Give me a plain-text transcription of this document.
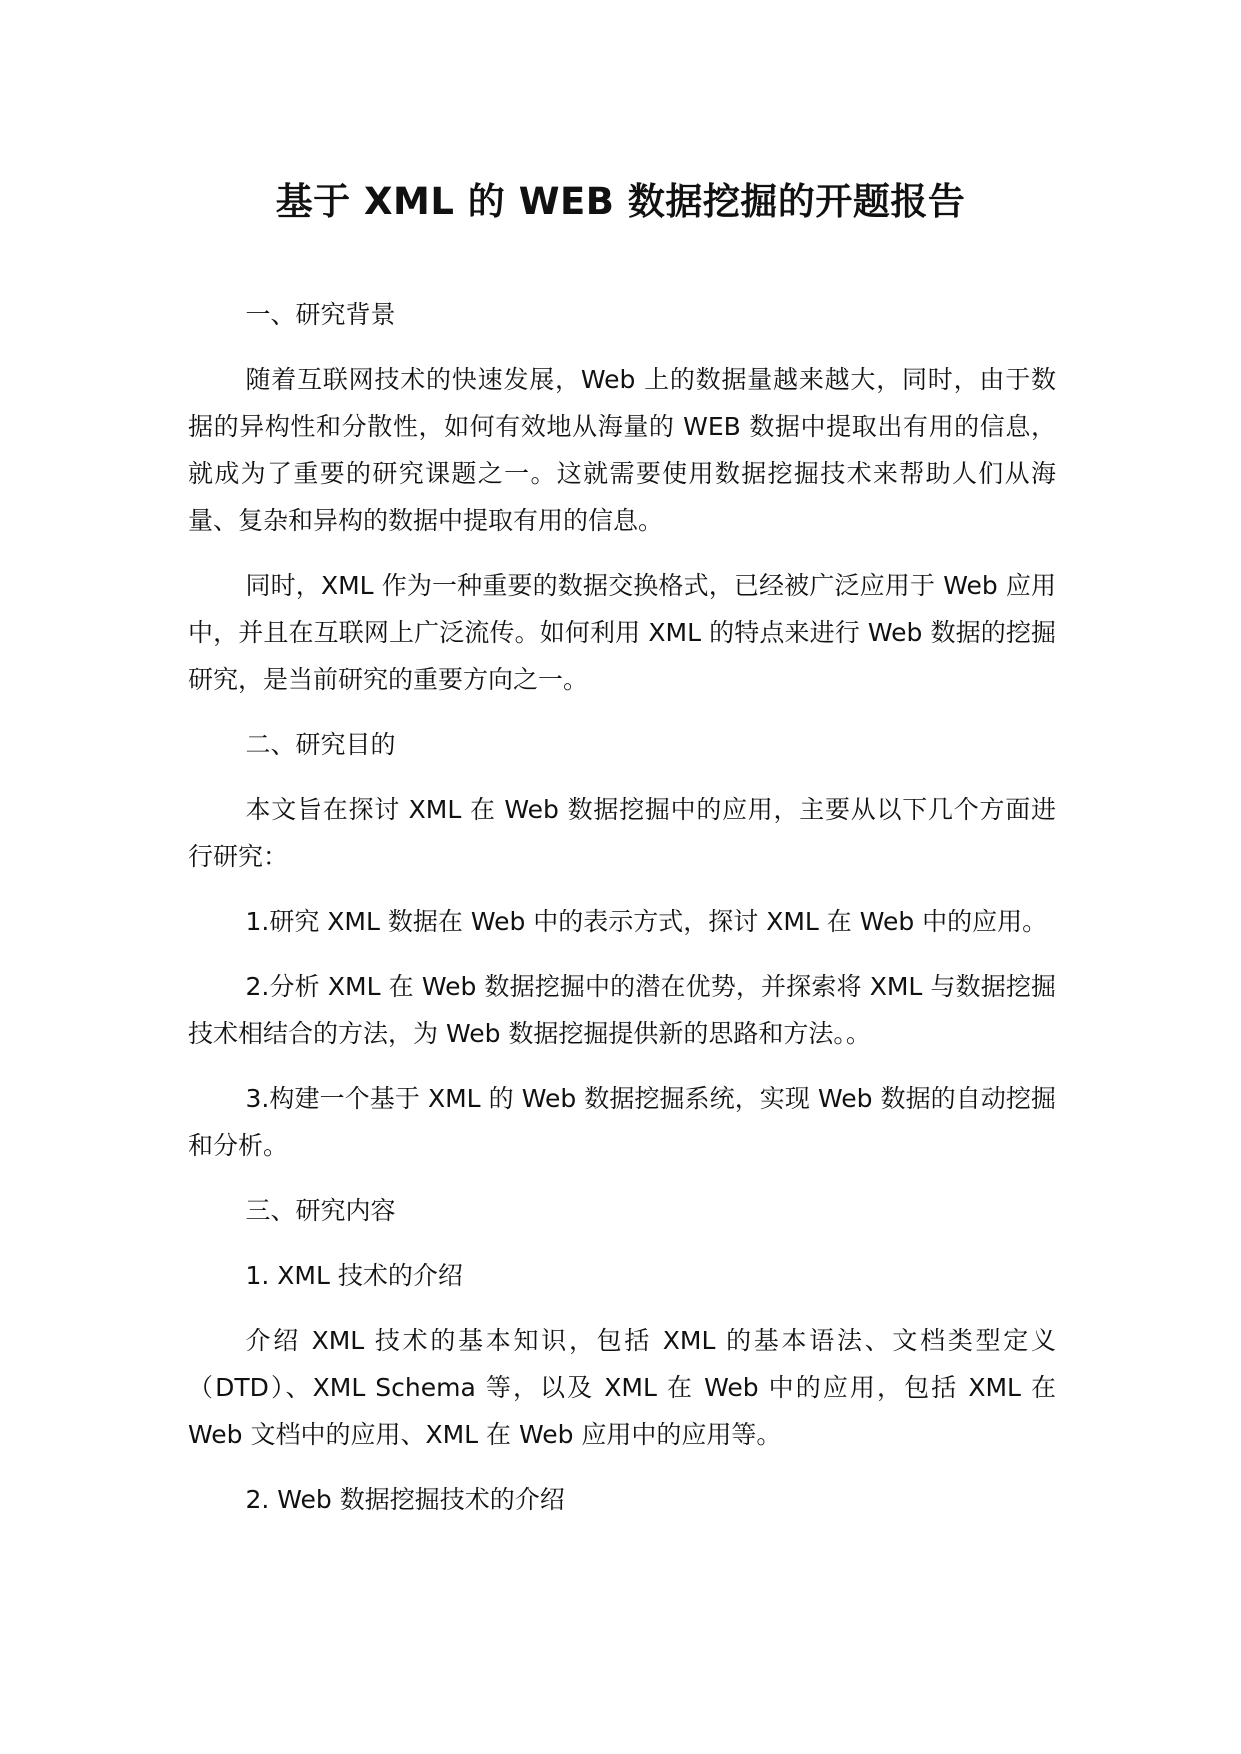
基于 XML 的 WEB 数据挖掘的开题报告

一、研究背景

随着互联网技术的快速发展，Web 上的数据量越来越大，同时，由于数据的异构性和分散性，如何有效地从海量的 WEB 数据中提取出有用的信息，就成为了重要的研究课题之一。这就需要使用数据挖掘技术来帮助人们从海量、复杂和异构的数据中提取有用的信息。

同时，XML 作为一种重要的数据交换格式，已经被广泛应用于 Web 应用中，并且在互联网上广泛流传。如何利用 XML 的特点来进行 Web 数据的挖掘研究，是当前研究的重要方向之一。

二、研究目的

本文旨在探讨 XML 在 Web 数据挖掘中的应用，主要从以下几个方面进行研究：

1.研究 XML 数据在 Web 中的表示方式，探讨 XML 在 Web 中的应用。

2.分析 XML 在 Web 数据挖掘中的潜在优势，并探索将 XML 与数据挖掘技术相结合的方法，为 Web 数据挖掘提供新的思路和方法。。

3.构建一个基于 XML 的 Web 数据挖掘系统，实现 Web 数据的自动挖掘和分析。

三、研究内容

1. XML 技术的介绍

介绍 XML 技术的基本知识，包括 XML 的基本语法、文档类型定义（DTD）、XML Schema 等，以及 XML 在 Web 中的应用，包括 XML 在 Web 文档中的应用、XML 在 Web 应用中的应用等。

2. Web 数据挖掘技术的介绍
